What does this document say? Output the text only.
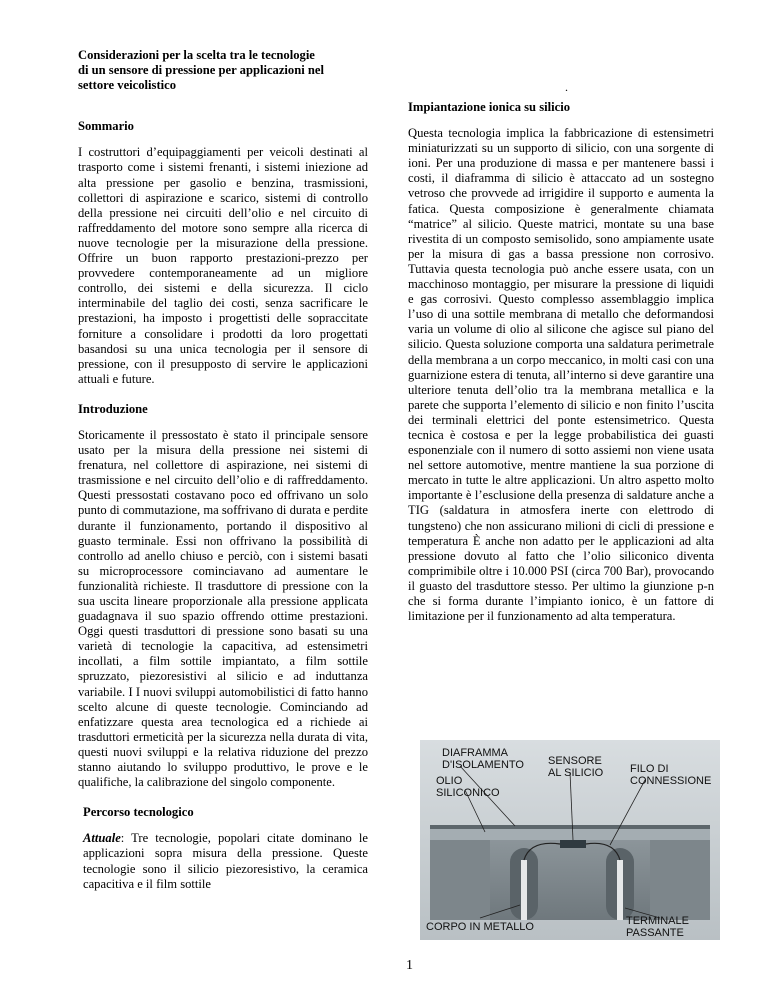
.
Considerazioni per la scelta tra le tecnologie
di un sensore di pressione per applicazioni nel
settore veicolistico
Sommario

I costruttori d’equipaggiamenti per veicoli destinati al trasporto come i sistemi frenanti, i sistemi iniezione ad alta pressione per gasolio e benzina, trasmissioni, collettori di aspirazione e scarico, sistemi di controllo della pressione nei circuiti dell’olio e nel circuito di raffreddamento del motore sono sempre alla ricerca di nuove tecnologie per la misurazione della pressione. Offrire un buon rapporto prestazioni-prezzo per provvedere contemporaneamente ad un migliore controllo, dei sistemi e della sicurezza. Il ciclo interminabile del taglio dei costi, senza sacrificare le prestazioni, ha imposto i progettisti delle sopraccitate forniture a consolidare i prodotti da loro progettati basandosi su una unica tecnologia per il sensore di pressione, con il presupposto di servire le applicazioni attuali e future.

Introduzione

Storicamente il pressostato è stato il principale sensore usato per la misura della pressione nei sistemi di frenatura, nel collettore di aspirazione, nei sistemi di trasmissione e nel circuito dell’olio e di raffreddamento. Questi pressostati costavano poco ed offrivano un solo punto di commutazione, ma soffrivano di durata e perdite durante il funzionamento, portando il dispositivo al guasto terminale. Essi non offrivano la possibilità di controllo ad anello chiuso e perciò, con i sistemi basati su microprocessore cominciavano ad aumentare le funzionalità richieste. Il trasduttore di pressione con la sua uscita lineare proporzionale alla pressione applicata guadagnava il suo spazio offrendo ottime prestazioni. Oggi questi trasduttori di pressione sono basati su una varietà di tecnologie la capacitiva, ad estensimetri incollati, a film sottile impiantato, a film sottile spruzzato, piezoresistivi al silicio e ad induttanza variabile. I I nuovi sviluppi automobilistici di fatto hanno scelto alcune di queste tecnologie. Cominciando ad enfatizzare questa area tecnologica ed a richiede ai trasduttori ermeticità per la sicurezza nella durata di vita, questi nuovi sviluppi e la relativa riduzione del prezzo stanno aiutando lo sviluppo produttivo, le prove e le qualifiche, la calibrazione del singolo componente.

Percorso tecnologico

Attuale: Tre tecnologie, popolari citate dominano le applicazioni sopra misura della pressione. Queste tecnologie sono il silicio piezoresistivo, la ceramica capacitiva e il film sottile

Impiantazione ionica su silicio

Questa tecnologia implica la fabbricazione di estensimetri miniaturizzati su un supporto di silicio, con una sorgente di ioni. Per una produzione di massa e per mantenere bassi i costi, il diaframma di silicio è attaccato ad un sostegno vetroso che provvede ad irrigidire il supporto e aumenta la fatica. Questa composizione è generalmente chiamata “matrice” al silicio. Queste matrici, montate su una base rivestita di un composto semisolido, sono ampiamente usate per la misura di gas a bassa pressione non corrosivo. Tuttavia questa tecnologia può anche essere usata, con un macchinoso montaggio, per misurare la pressione di liquidi e gas corrosivi. Questo complesso assemblaggio implica l’uso di una sottile membrana di metallo che deformandosi varia un volume di olio al silicone che agisce sul piano del silicio. Questa soluzione comporta una saldatura perimetrale della membrana a un corpo meccanico, in molti casi con una guarnizione estera di tenuta, all’interno si deve garantire una ulteriore tenuta dell’olio tra la membrana metallica e la parete che supporta l’elemento di silicio e non finito l’uscita dei terminali elettrici del ponte estensimetrico. Questa tecnica è costosa e per la legge probabilistica dei guasti esponenziale con il numero di sotto assiemi non viene usata nel settore automotive, mentre mantiene la sua porzione di mercato in tutte le altre applicazioni. Un altro aspetto molto importante è l’esclusione della presenza di saldature anche a TIG (saldatura in atmosfera inerte con elettrodo di tungsteno) che non assicurano milioni di cicli di pressione e temperatura È anche non adatto per le applicazioni ad alta pressione dovuto al fatto che l’olio siliconico diventa comprimibile oltre i 10.000 PSI (circa 700 Bar), provocando il guasto del trasduttore stesso. Per ultimo la giunzione p-n che si forma durante l’impianto ionico, è un fattore di limitazione per il funzionamento ad alta temperatura.

DIAFRAMMA
D'ISOLAMENTO SENSORE
AL SILICIO
OLIO
SILICONICO
FILO DI
CONNESSIONE
CORPO IN METALLO	TERMINALE
PASSANTE
1
